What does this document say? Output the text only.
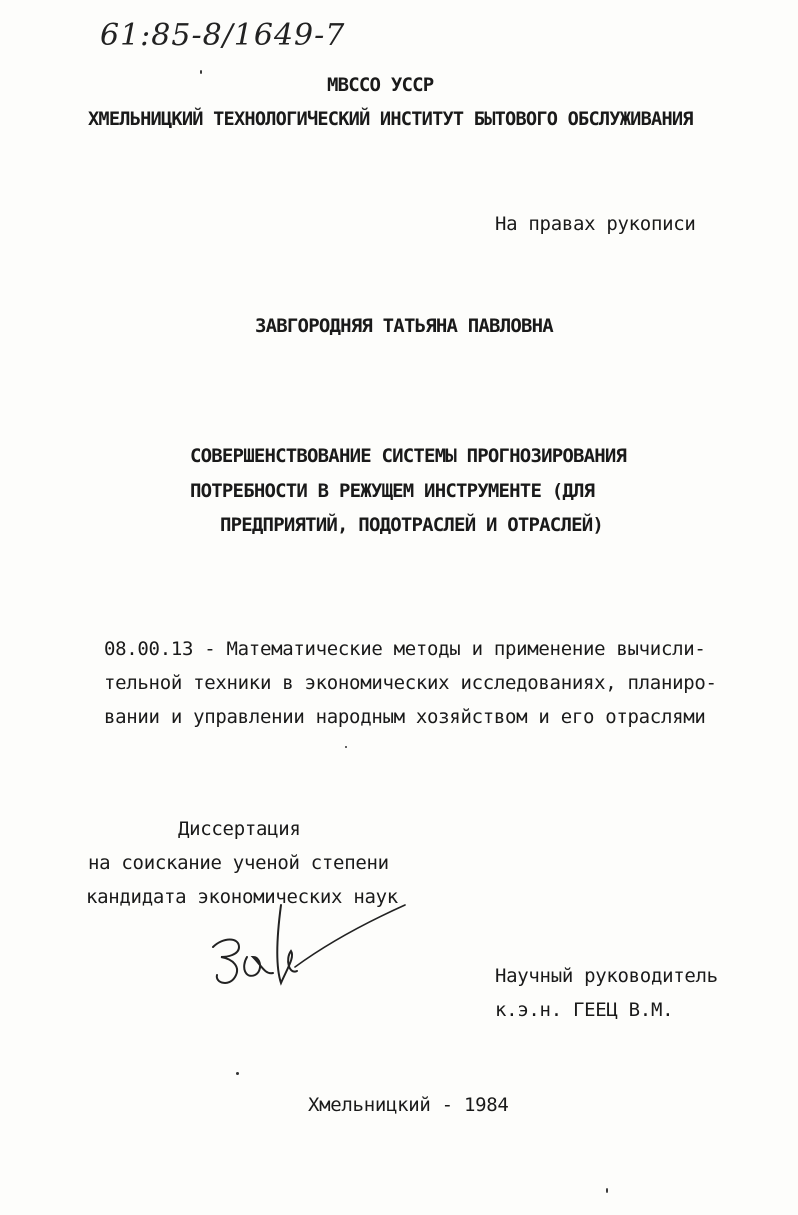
61:85-8/1649-7
МВССО УССР
ХМЕЛЬНИЦКИЙ ТЕХНОЛОГИЧЕСКИЙ ИНСТИТУТ БЫТОВОГО ОБСЛУЖИВАНИЯ
На правах рукописи
ЗАВГОРОДНЯЯ ТАТЬЯНА ПАВЛОВНА
СОВЕРШЕНСТВОВАНИЕ СИСТЕМЫ ПРОГНОЗИРОВАНИЯ
ПОТРЕБНОСТИ В РЕЖУЩЕМ ИНСТРУМЕНТЕ (ДЛЯ
ПРЕДПРИЯТИЙ, ПОДОТРАСЛЕЙ И ОТРАСЛЕЙ)
08.00.13 - Математические методы и применение вычисли-
тельной техники в экономических исследованиях, планиро-
вании и управлении народным хозяйством и его отраслями
Диссертация
на соискание ученой степени
кандидата экономических наук
Научный руководитель
к.э.н. ГЕЕЦ В.М.
Хмельницкий - 1984
